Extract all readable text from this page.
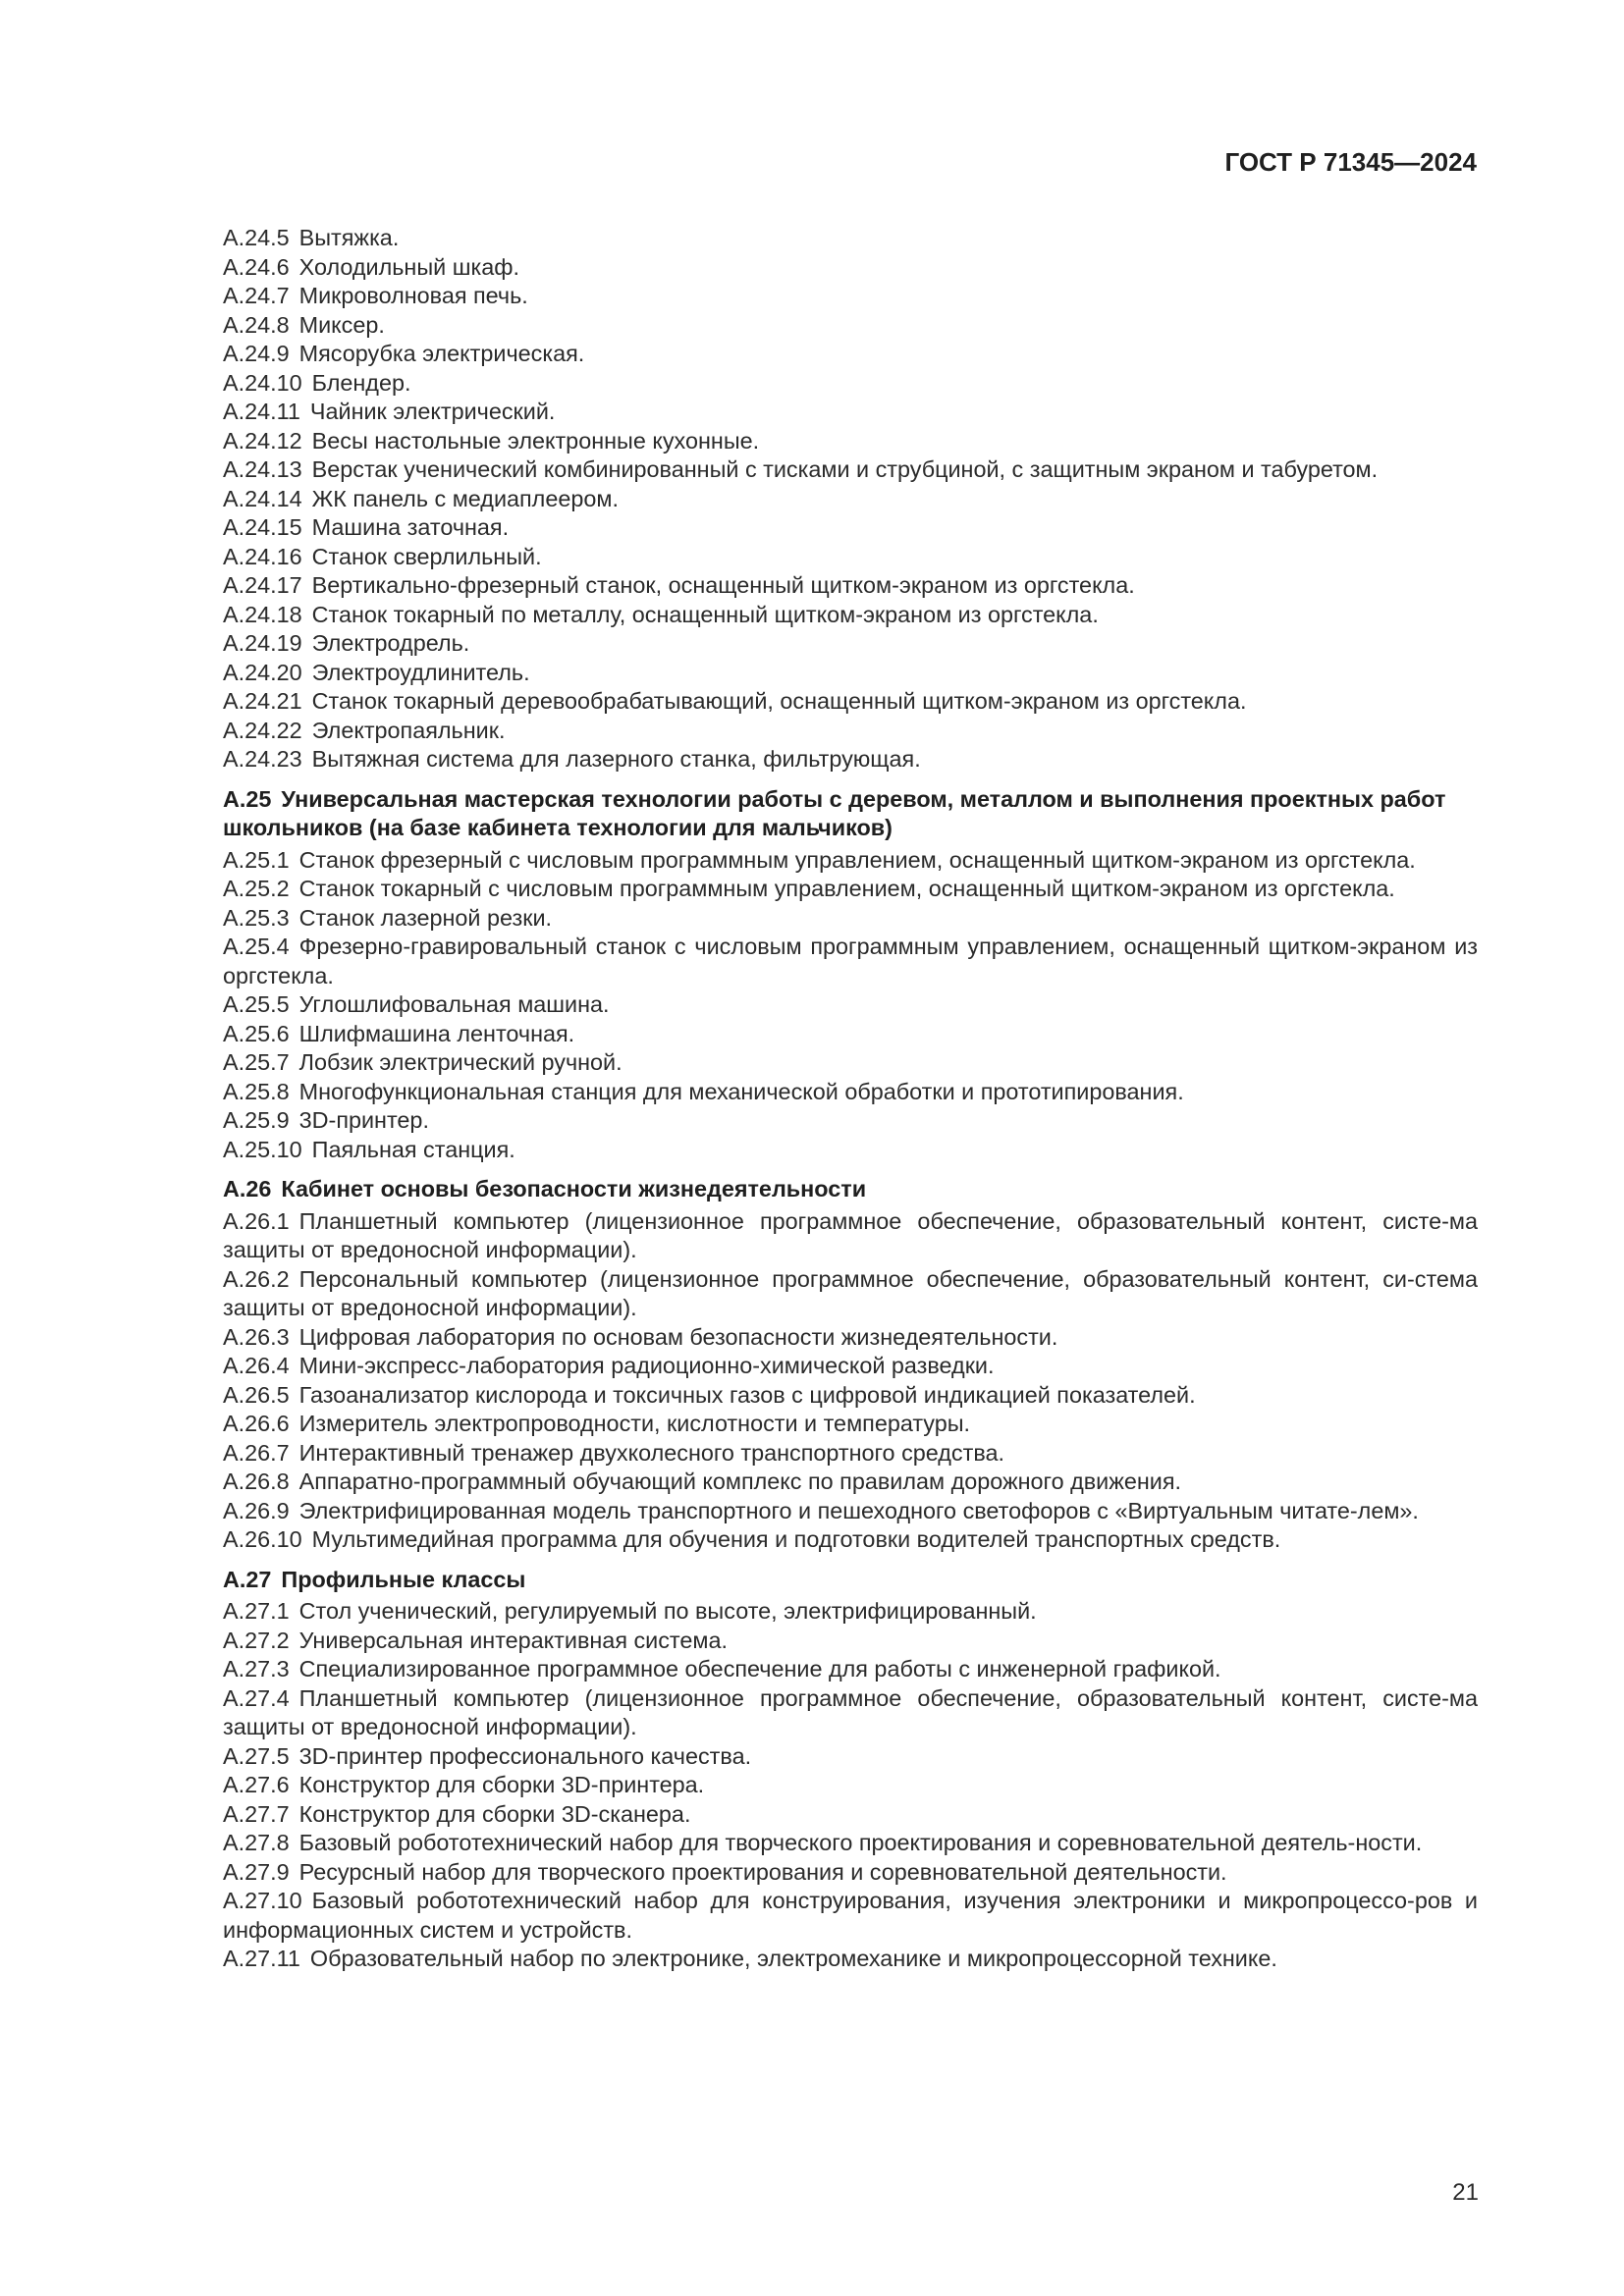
ГОСТ Р 71345—2024
А.24.5 Вытяжка.
А.24.6 Холодильный шкаф.
А.24.7 Микроволновая печь.
А.24.8 Миксер.
А.24.9 Мясорубка электрическая.
А.24.10 Блендер.
А.24.11 Чайник электрический.
А.24.12 Весы настольные электронные кухонные.
А.24.13 Верстак ученический комбинированный с тисками и струбциной, с защитным экраном и табуретом.
А.24.14 ЖК панель с медиаплеером.
А.24.15 Машина заточная.
А.24.16 Станок сверлильный.
А.24.17 Вертикально-фрезерный станок, оснащенный щитком-экраном из оргстекла.
А.24.18 Станок токарный по металлу, оснащенный щитком-экраном из оргстекла.
А.24.19 Электродрель.
А.24.20 Электроудлинитель.
А.24.21 Станок токарный деревообрабатывающий, оснащенный щитком-экраном из оргстекла.
А.24.22 Электропаяльник.
А.24.23 Вытяжная система для лазерного станка, фильтрующая.
А.25 Универсальная мастерская технологии работы с деревом, металлом и выполнения проектных работ школьников (на базе кабинета технологии для мальчиков)
А.25.1 Станок фрезерный с числовым программным управлением, оснащенный щитком-экраном из оргстекла.
А.25.2 Станок токарный с числовым программным управлением, оснащенный щитком-экраном из оргстекла.
А.25.3 Станок лазерной резки.
А.25.4 Фрезерно-гравировальный станок с числовым программным управлением, оснащенный щитком-экраном из оргстекла.
А.25.5 Углошлифовальная машина.
А.25.6 Шлифмашина ленточная.
А.25.7 Лобзик электрический ручной.
А.25.8 Многофункциональная станция для механической обработки и прототипирования.
А.25.9 3D-принтер.
А.25.10 Паяльная станция.
А.26 Кабинет основы безопасности жизнедеятельности
А.26.1 Планшетный компьютер (лицензионное программное обеспечение, образовательный контент, систе-ма защиты от вредоносной информации).
А.26.2 Персональный компьютер (лицензионное программное обеспечение, образовательный контент, си-стема защиты от вредоносной информации).
А.26.3 Цифровая лаборатория по основам безопасности жизнедеятельности.
А.26.4 Мини-экспресс-лаборатория радиоционно-химической разведки.
А.26.5 Газоанализатор кислорода и токсичных газов с цифровой индикацией показателей.
А.26.6 Измеритель электропроводности, кислотности и температуры.
А.26.7 Интерактивный тренажер двухколесного транспортного средства.
А.26.8 Аппаратно-программный обучающий комплекс по правилам дорожного движения.
А.26.9 Электрифицированная модель транспортного и пешеходного светофоров с «Виртуальным читате-лем».
А.26.10 Мультимедийная программа для обучения и подготовки водителей транспортных средств.
А.27 Профильные классы
А.27.1 Стол ученический, регулируемый по высоте, электрифицированный.
А.27.2 Универсальная интерактивная система.
А.27.3 Специализированное программное обеспечение для работы с инженерной графикой.
А.27.4 Планшетный компьютер (лицензионное программное обеспечение, образовательный контент, систе-ма защиты от вредоносной информации).
А.27.5 3D-принтер профессионального качества.
А.27.6 Конструктор для сборки 3D-принтера.
А.27.7 Конструктор для сборки 3D-сканера.
А.27.8 Базовый робототехнический набор для творческого проектирования и соревновательной деятель-ности.
А.27.9 Ресурсный набор для творческого проектирования и соревновательной деятельности.
А.27.10 Базовый робототехнический набор для конструирования, изучения электроники и микропроцессо-ров и информационных систем и устройств.
А.27.11 Образовательный набор по электронике, электромеханике и микропроцессорной технике.
21
